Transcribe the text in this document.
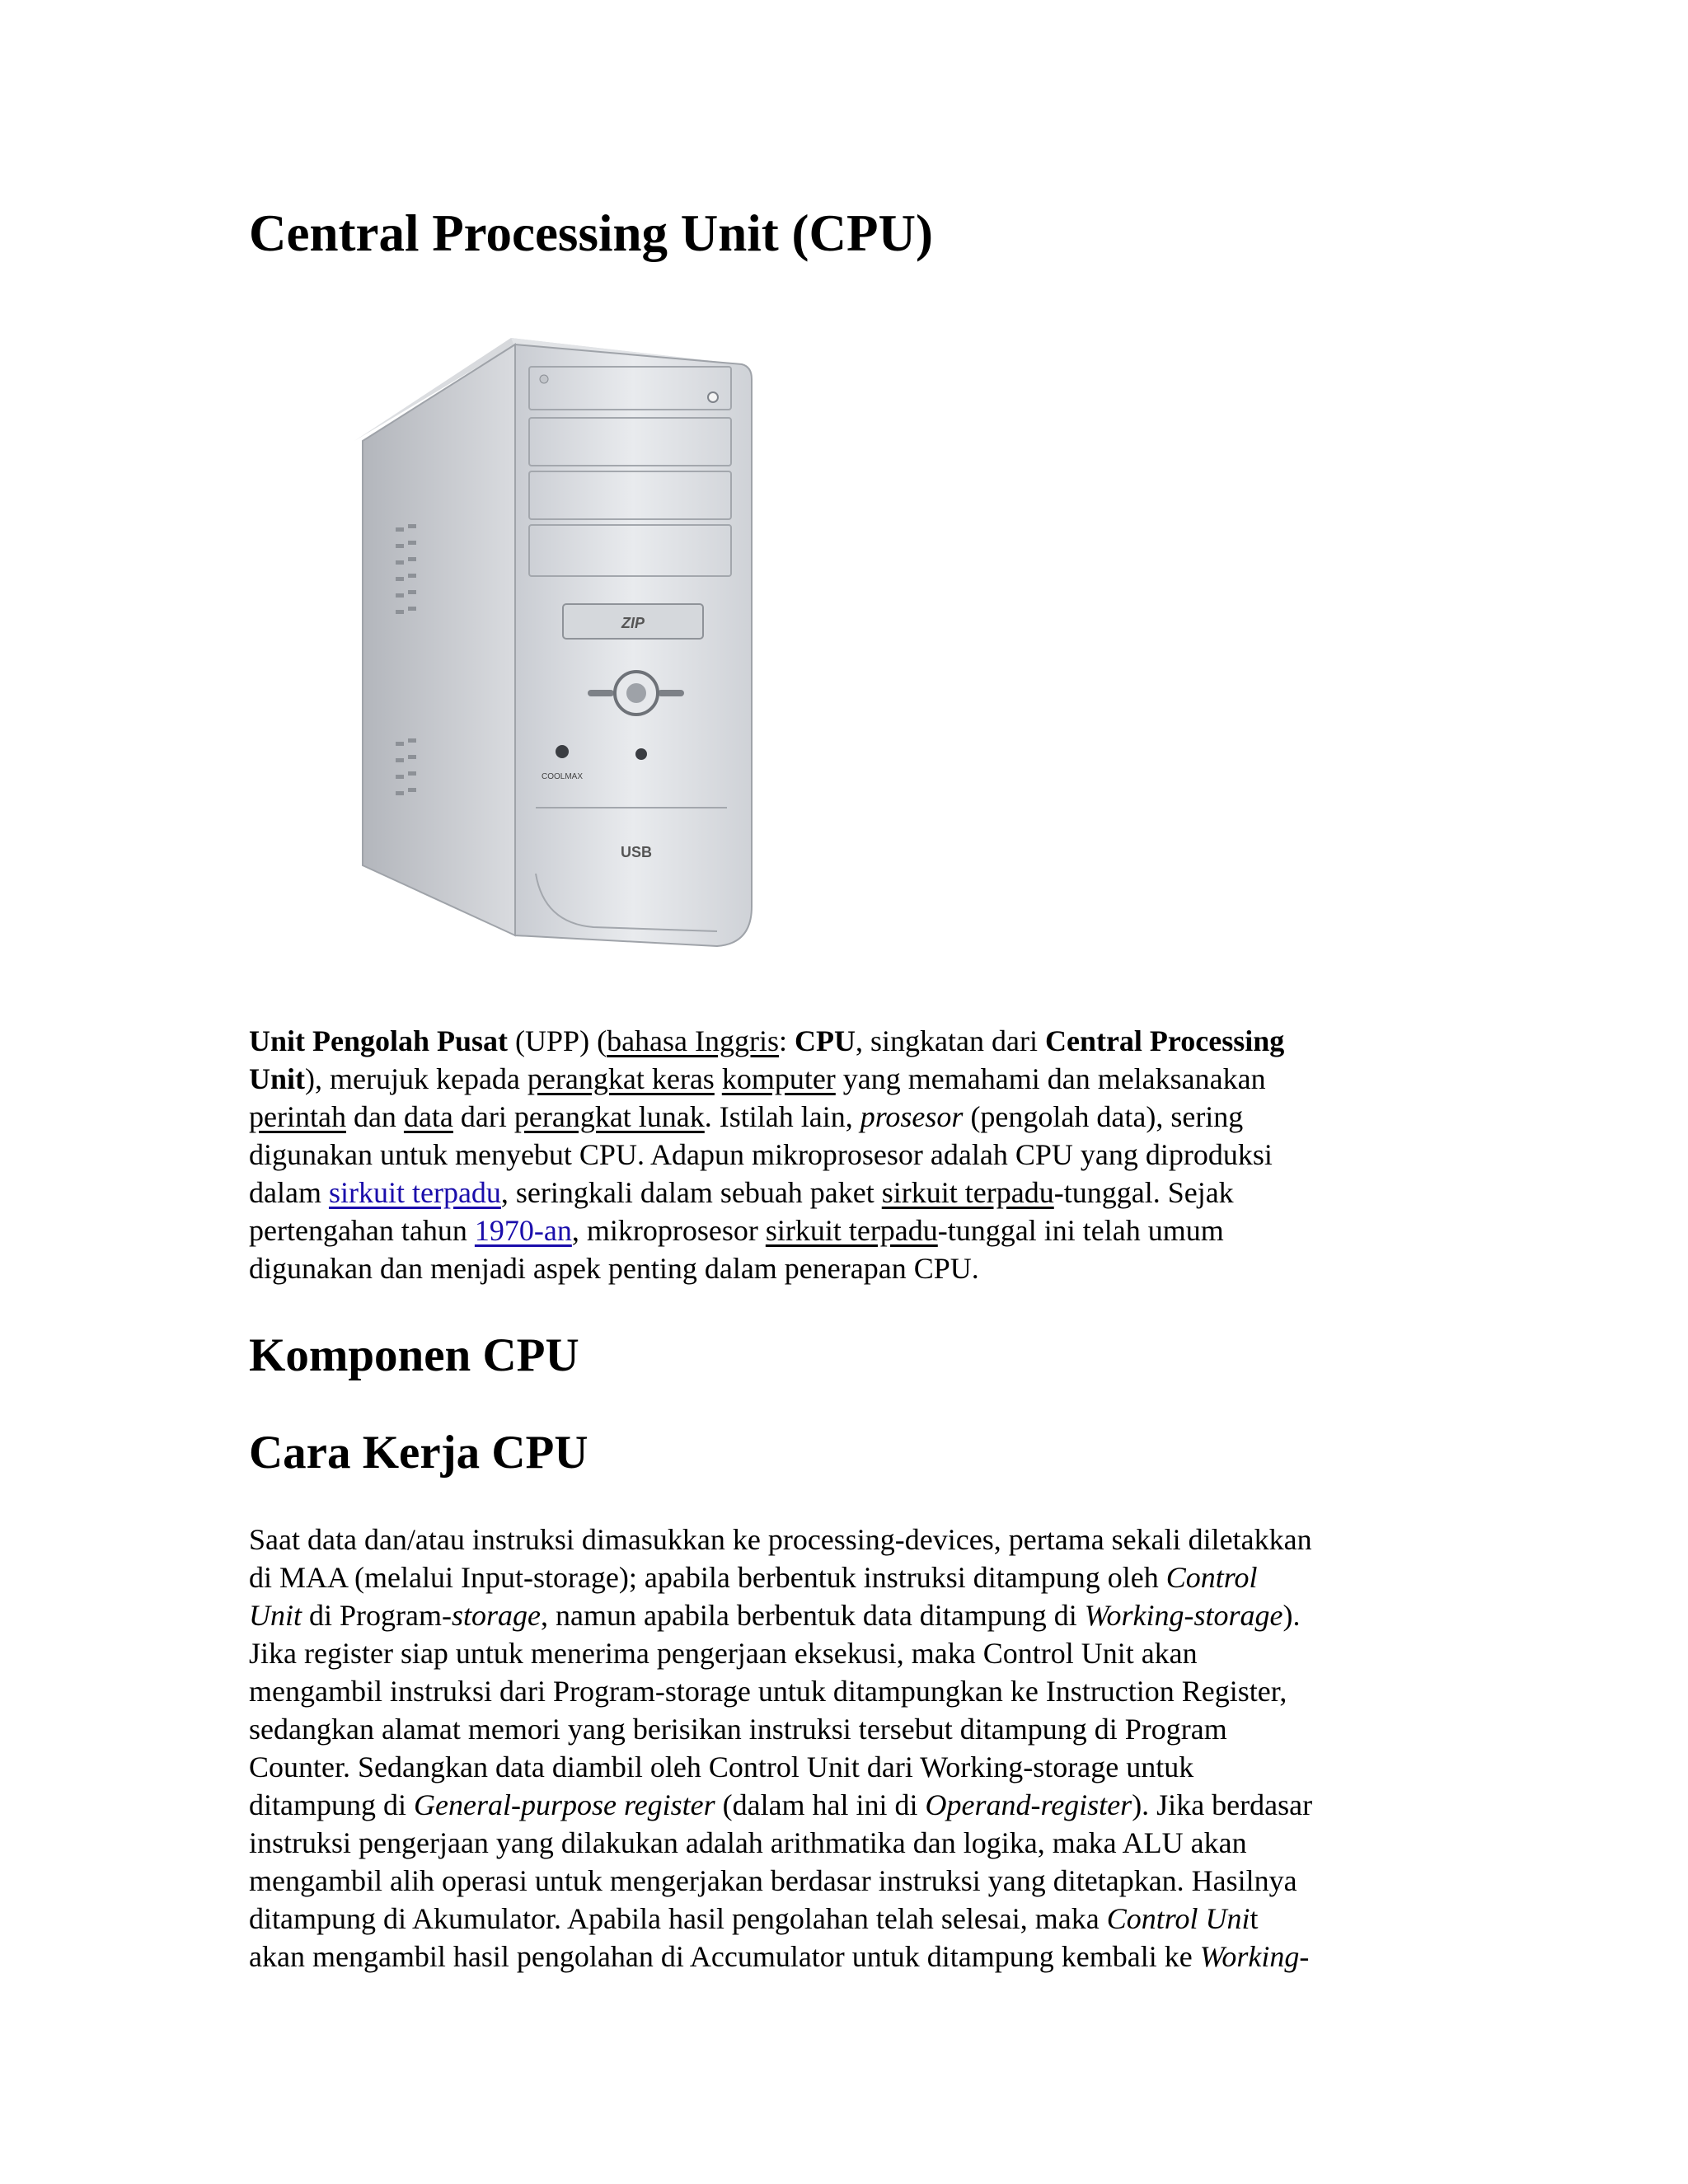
Central Processing Unit (CPU)
ZIP
COOLMAX
USB

Unit Pengolah Pusat (UPP) (bahasa Inggris: CPU, singkatan dari Central Processing
Unit), merujuk kepada perangkat keras komputer yang memahami dan melaksanakan
perintah dan data dari perangkat lunak. Istilah lain, prosesor (pengolah data), sering
digunakan untuk menyebut CPU. Adapun mikroprosesor adalah CPU yang diproduksi
dalam sirkuit terpadu, seringkali dalam sebuah paket sirkuit terpadu-tunggal. Sejak
pertengahan tahun 1970-an, mikroprosesor sirkuit terpadu-tunggal ini telah umum
digunakan dan menjadi aspek penting dalam penerapan CPU.

Komponen CPU
Cara Kerja CPU

Saat data dan/atau instruksi dimasukkan ke processing-devices, pertama sekali diletakkan
di MAA (melalui Input-storage); apabila berbentuk instruksi ditampung oleh Control
Unit di Program-storage, namun apabila berbentuk data ditampung di Working-storage).
Jika register siap untuk menerima pengerjaan eksekusi, maka Control Unit akan
mengambil instruksi dari Program-storage untuk ditampungkan ke Instruction Register,
sedangkan alamat memori yang berisikan instruksi tersebut ditampung di Program
Counter. Sedangkan data diambil oleh Control Unit dari Working-storage untuk
ditampung di General-purpose register (dalam hal ini di Operand-register). Jika berdasar
instruksi pengerjaan yang dilakukan adalah arithmatika dan logika, maka ALU akan
mengambil alih operasi untuk mengerjakan berdasar instruksi yang ditetapkan. Hasilnya
ditampung di Akumulator. Apabila hasil pengolahan telah selesai, maka Control Unit
akan mengambil hasil pengolahan di Accumulator untuk ditampung kembali ke Working-
